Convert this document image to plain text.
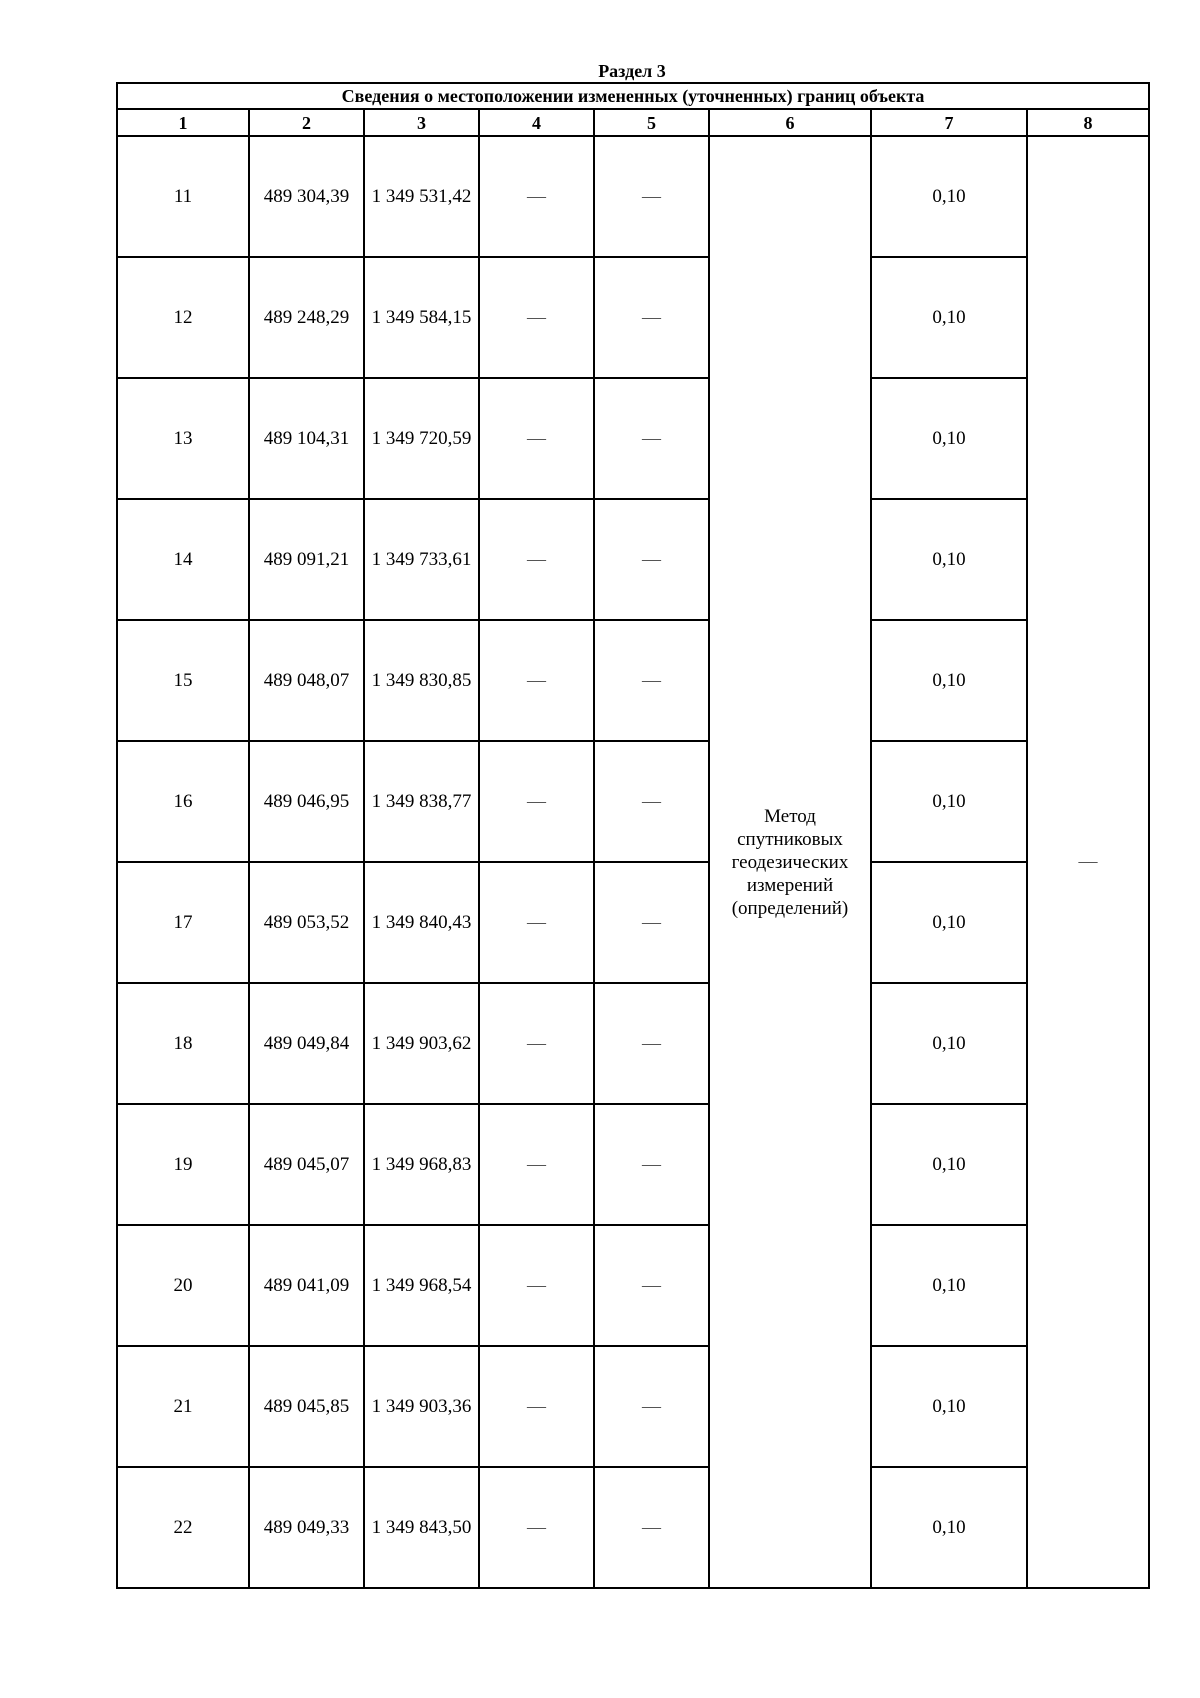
Раздел 3
Сведения о местоположении измененных (уточненных) границ объекта							
1	2	3	4	5	6	7	8
11	489 304,39	1 349 531,42	—	—	Метод
спутниковых
геодезических
измерений
(определений)	0,10	—
12	489 248,29	1 349 584,15	—	—		0,10	
13	489 104,31	1 349 720,59	—	—		0,10	
14	489 091,21	1 349 733,61	—	—		0,10	
15	489 048,07	1 349 830,85	—	—		0,10	
16	489 046,95	1 349 838,77	—	—		0,10	
17	489 053,52	1 349 840,43	—	—		0,10	
18	489 049,84	1 349 903,62	—	—		0,10	
19	489 045,07	1 349 968,83	—	—		0,10	
20	489 041,09	1 349 968,54	—	—		0,10	
21	489 045,85	1 349 903,36	—	—		0,10	
22	489 049,33	1 349 843,50	—	—		0,10	
